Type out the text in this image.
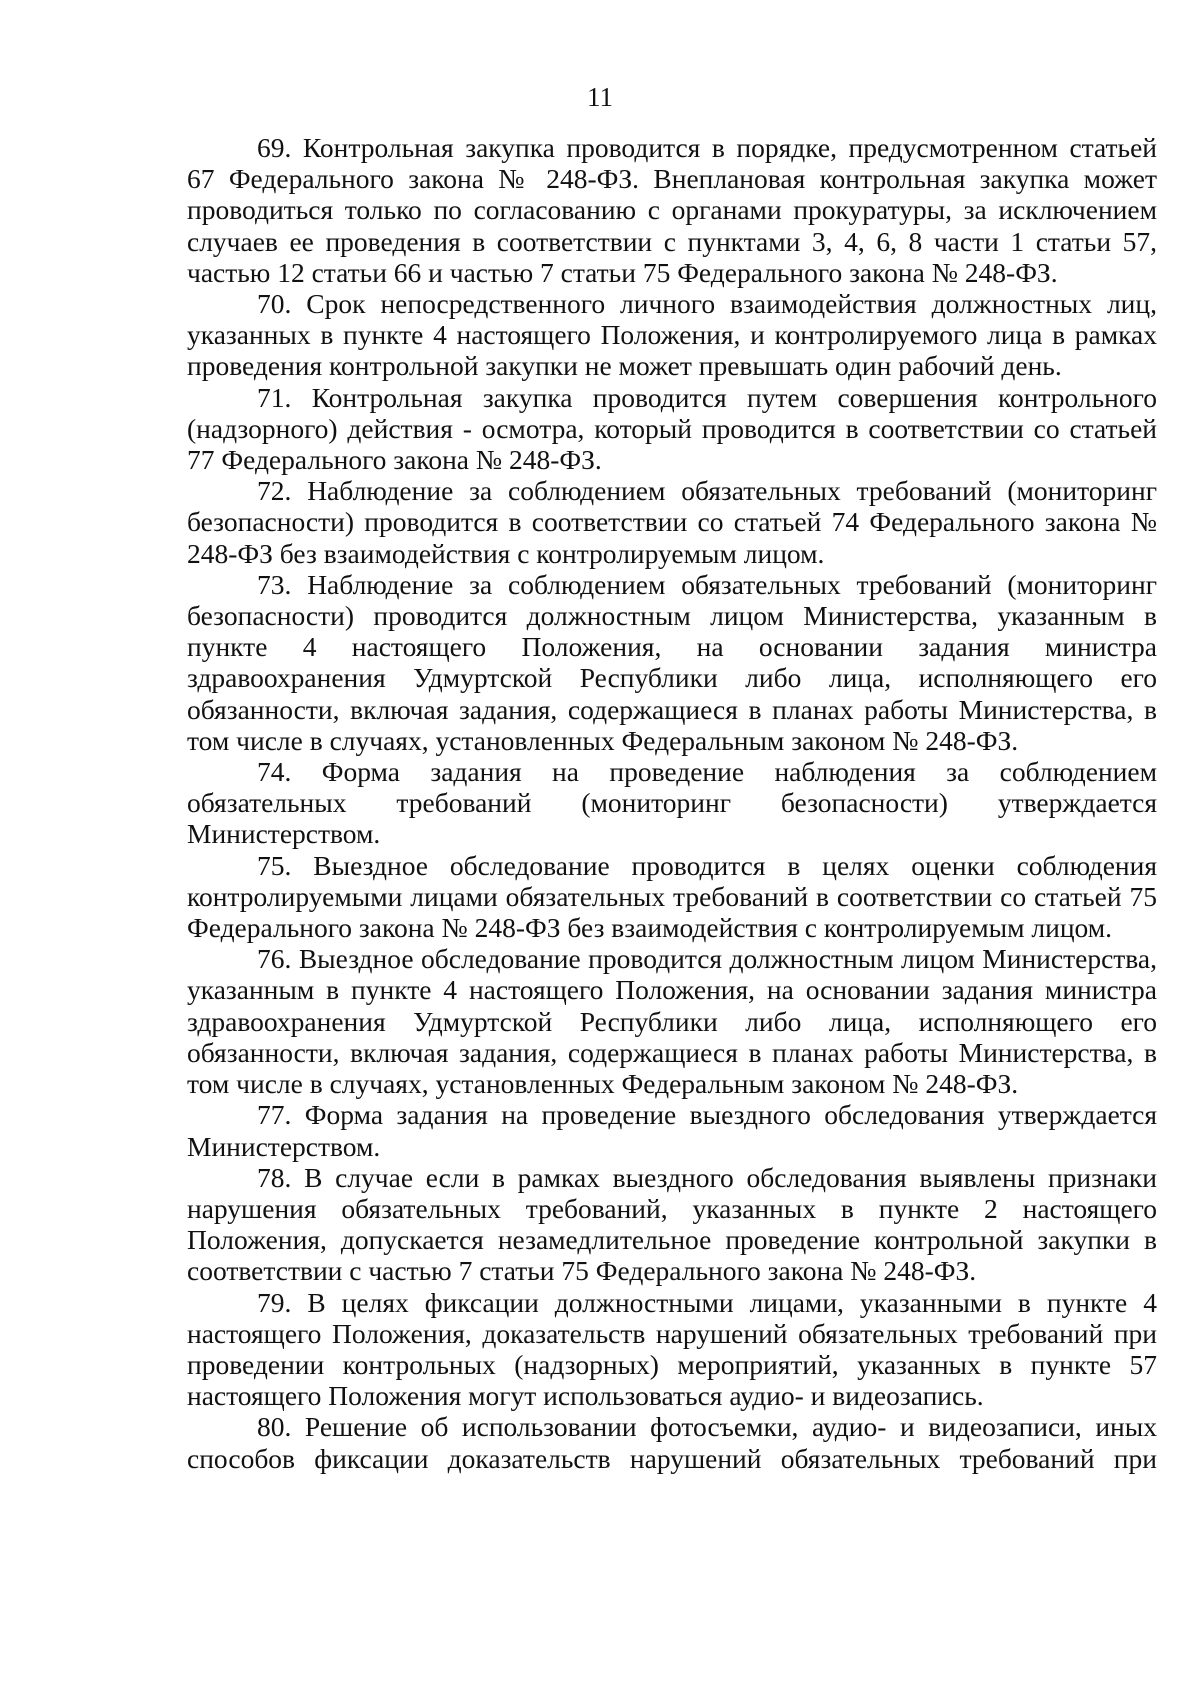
11

69. Контрольная закупка проводится в порядке, предусмотренном статьей 67 Федерального закона № 248-ФЗ. Внеплановая контрольная закупка может проводиться только по согласованию с органами прокуратуры, за исключением случаев ее проведения в соответствии с пунктами 3, 4, 6, 8 части 1 статьи 57, частью 12 статьи 66 и частью 7 статьи 75 Федерального закона № 248-ФЗ.

70. Срок непосредственного личного взаимодействия должностных лиц, указанных в пункте 4 настоящего Положения, и контролируемого лица в рамках проведения контрольной закупки не может превышать один рабочий день.

71. Контрольная закупка проводится путем совершения контрольного (надзорного) действия - осмотра, который проводится в соответствии со статьей 77 Федерального закона № 248-ФЗ.

72. Наблюдение за соблюдением обязательных требований (мониторинг безопасности) проводится в соответствии со статьей 74 Федерального закона № 248-ФЗ без взаимодействия с контролируемым лицом.

73. Наблюдение за соблюдением обязательных требований (мониторинг безопасности) проводится должностным лицом Министерства, указанным в пункте 4 настоящего Положения, на основании задания министра здравоохранения Удмуртской Республики либо лица, исполняющего его обязанности, включая задания, содержащиеся в планах работы Министерства, в том числе в случаях, установленных Федеральным законом № 248-ФЗ.

74. Форма задания на проведение наблюдения за соблюдением обязательных требований (мониторинг безопасности) утверждается Министерством.

75. Выездное обследование проводится в целях оценки соблюдения контролируемыми лицами обязательных требований в соответствии со статьей 75 Федерального закона № 248-ФЗ без взаимодействия с контролируемым лицом.

76. Выездное обследование проводится должностным лицом Министерства, указанным в пункте 4 настоящего Положения, на основании задания министра здравоохранения Удмуртской Республики либо лица, исполняющего его обязанности, включая задания, содержащиеся в планах работы Министерства, в том числе в случаях, установленных Федеральным законом № 248-ФЗ.

77. Форма задания на проведение выездного обследования утверждается Министерством.

78. В случае если в рамках выездного обследования выявлены признаки нарушения обязательных требований, указанных в пункте 2 настоящего Положения, допускается незамедлительное проведение контрольной закупки в соответствии с частью 7 статьи 75 Федерального закона № 248-ФЗ.

79. В целях фиксации должностными лицами, указанными в пункте 4 настоящего Положения, доказательств нарушений обязательных требований при проведении контрольных (надзорных) мероприятий, указанных в пункте 57 настоящего Положения могут использоваться аудио- и видеозапись.

80. Решение об использовании фотосъемки, аудио- и видеозаписи, иных способов фиксации доказательств нарушений обязательных требований при
